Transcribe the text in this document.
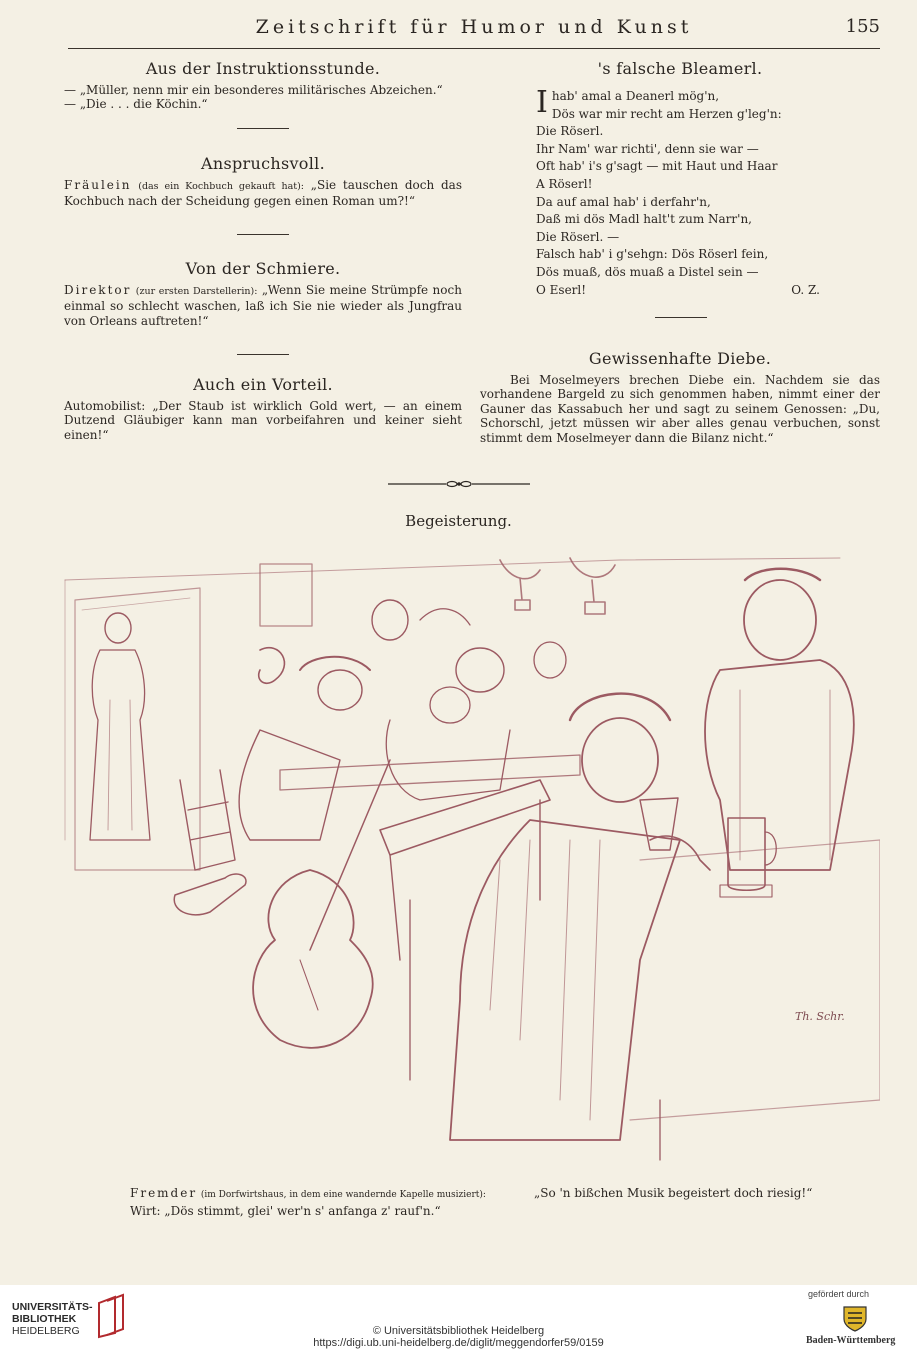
Zeitschrift für Humor und Kunst	155
Aus der Instruktionsstunde.
— „Müller, nenn mir ein besonderes militärisches Abzeichen.“
— „Die . . . die Köchin.“
Anspruchsvoll.

Fräulein (das ein Kochbuch gekauft hat): „Sie tauschen doch das Kochbuch nach der Scheidung gegen einen Roman um?!“

Von der Schmiere.

Direktor (zur ersten Darstellerin): „Wenn Sie meine Strümpfe noch einmal so schlecht waschen, laß ich Sie nie wieder als Jungfrau von Orleans auftreten!“

Auch ein Vorteil.

Automobilist: „Der Staub ist wirklich Gold wert, — an einem Dutzend Gläubiger kann man vorbeifahren und keiner sieht einen!“

's falsche Bleamerl.
Ihab' amal a Deanerl mög'n,
Dös war mir recht am Herzen g'leg'n:
Die Röserl.
Ihr Nam' war richti', denn sie war —
Oft hab' i's g'sagt — mit Haut und Haar
A Röserl!
Da auf amal hab' i derfahr'n,
Daß mi dös Madl halt't zum Narr'n,
Die Röserl. —
Falsch hab' i g'sehgn: Dös Röserl fein,
Dös muaß, dös muaß a Distel sein —
O Eserl!	O. Z.
Gewissenhafte Diebe.

Bei Moselmeyers brechen Diebe ein. Nachdem sie das vorhandene Bargeld zu sich genommen haben, nimmt einer der Gauner das Kassabuch her und sagt zu seinem Genossen: „Du, Schorschl, jetzt müssen wir aber alles genau verbuchen, sonst stimmt dem Moselmeyer dann die Bilanz nicht.“

Begeisterung.
Th. Schr.
Fremder (im Dorfwirtshaus, in dem eine wandernde Kapelle musiziert):	„So 'n bißchen Musik begeistert doch riesig!“
Wirt: „Dös stimmt, glei' wer'n s' anfanga z' rauf'n.“
UNIVERSITÄTS-
BIBLIOTHEK
HEIDELBERG	© Universitätsbibliothek Heidelberg
https://digi.ub.uni-heidelberg.de/diglit/meggendorfer59/0159
gefördert durch
Baden-Württemberg
